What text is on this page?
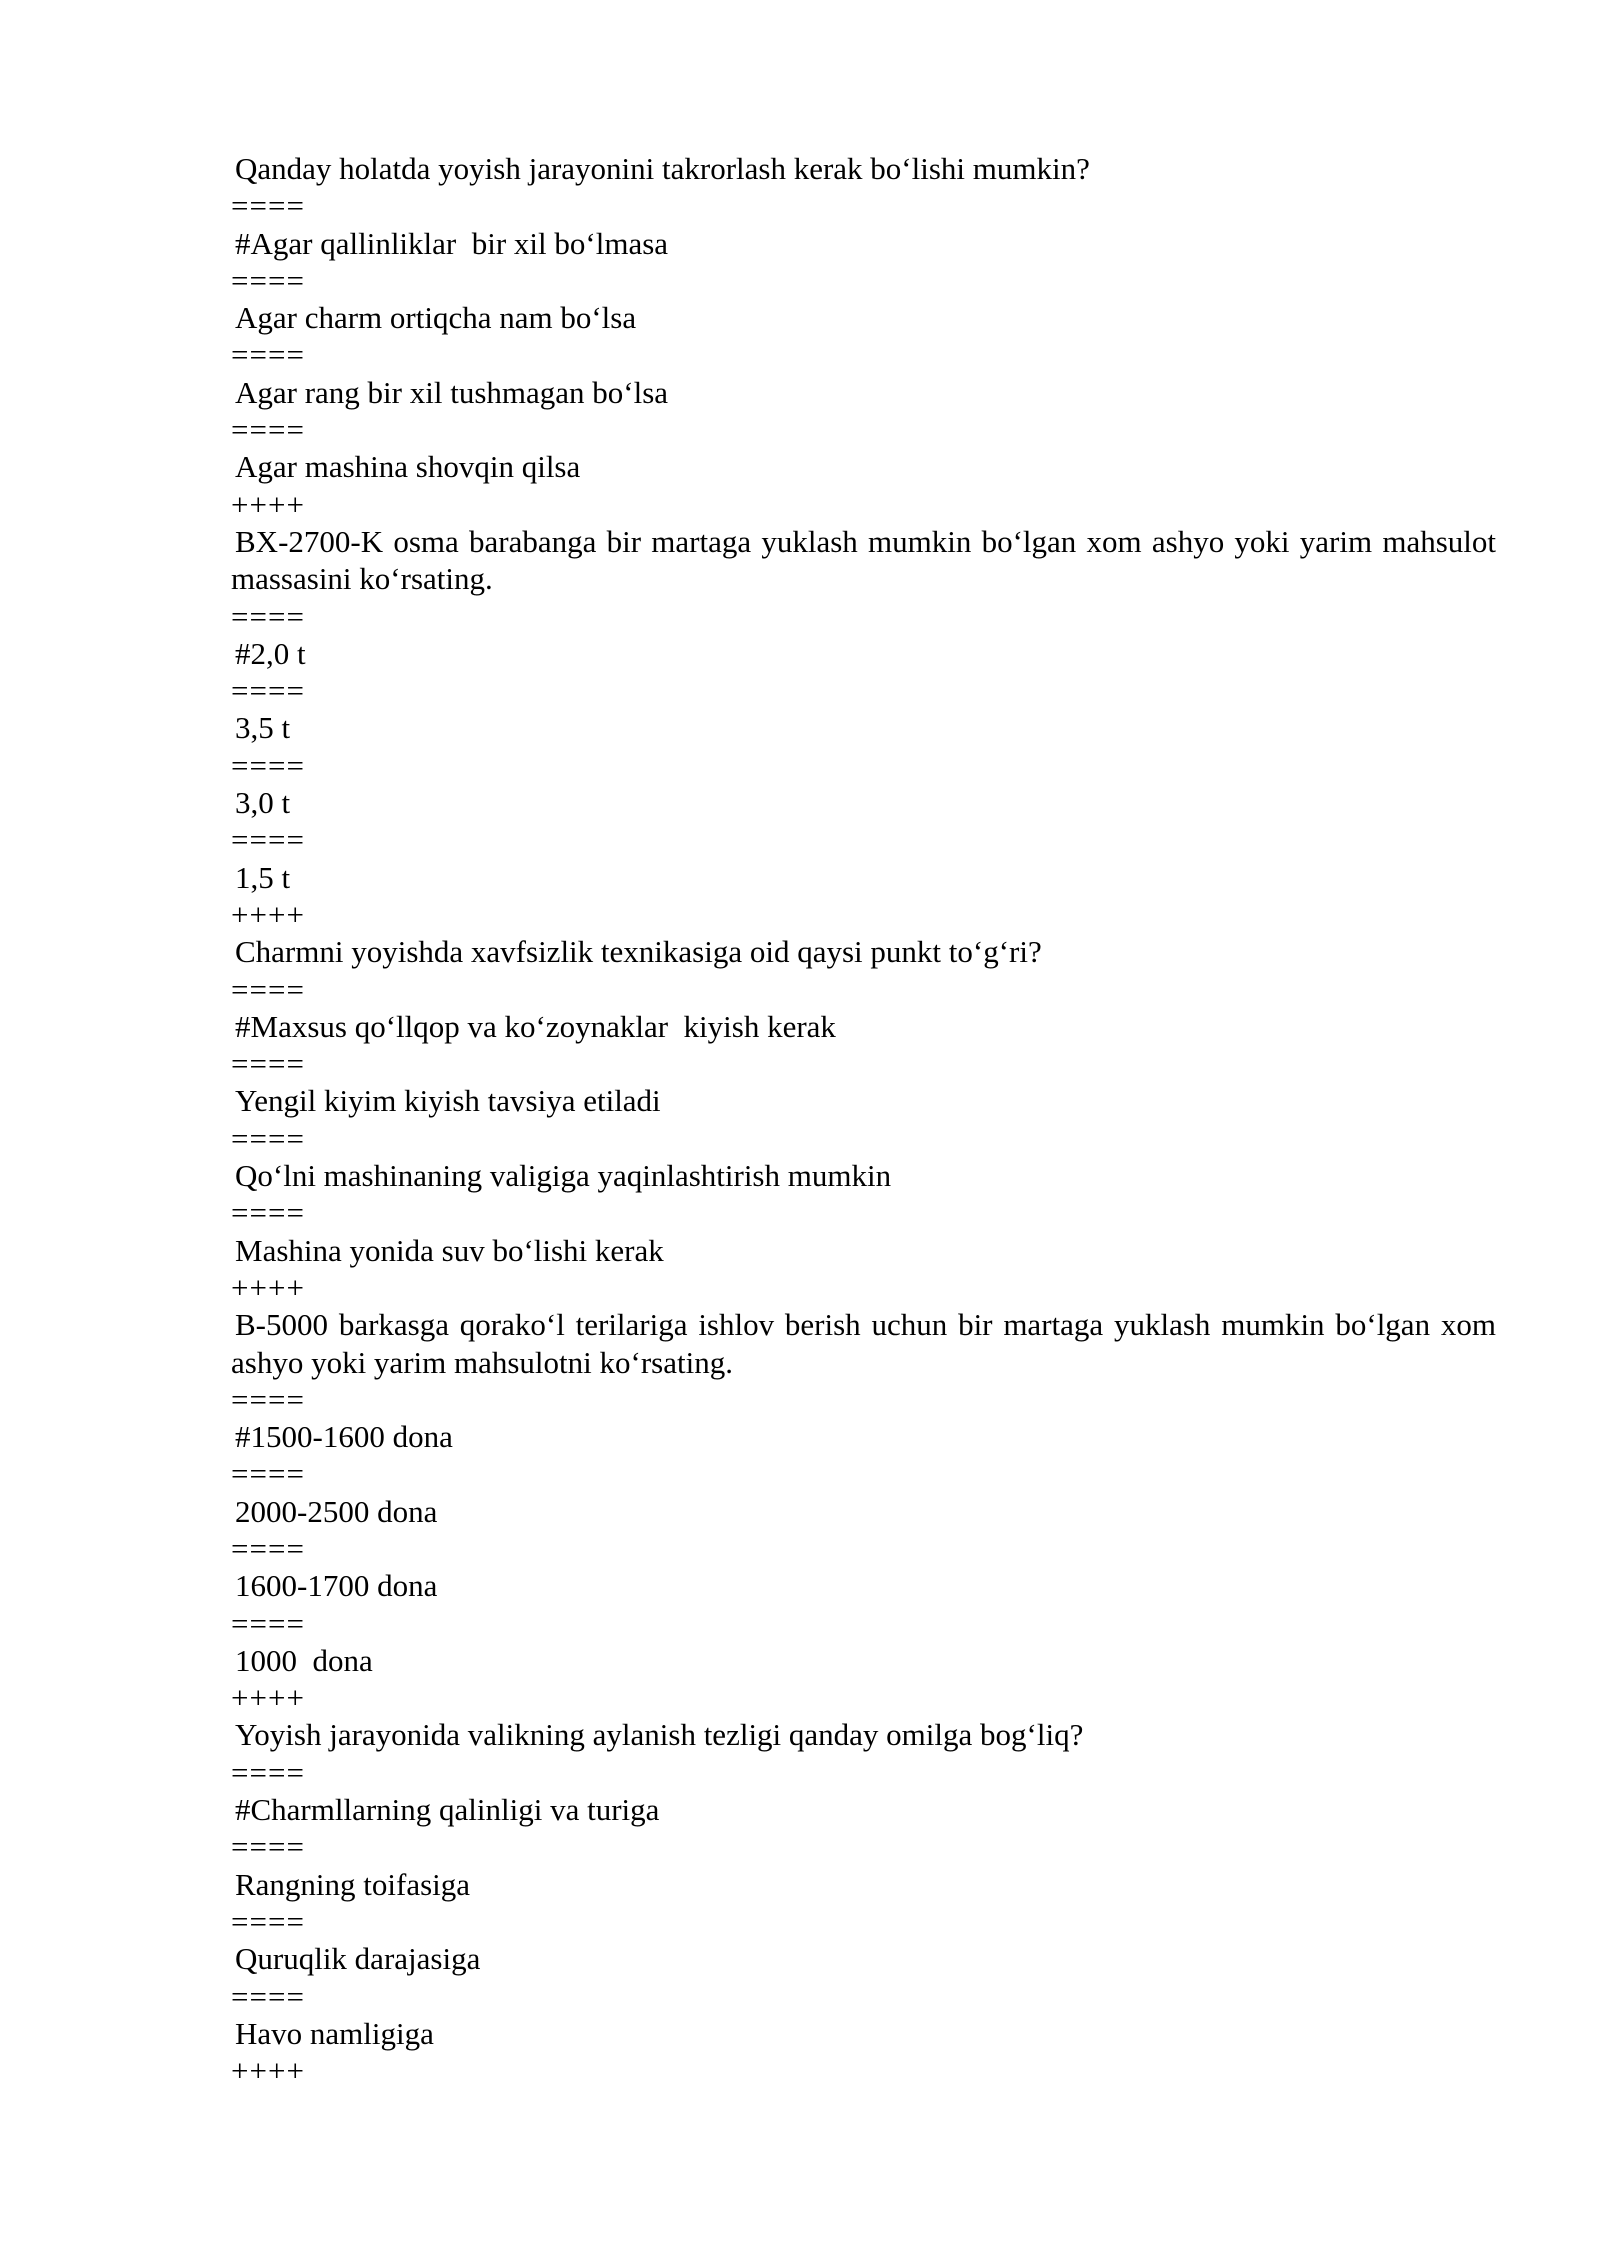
Qanday holatda yoyish jarayonini takrorlash kerak bo‘lishi mumkin?
====
#Agar qallinliklar  bir xil bo‘lmasa
====
Agar charm ortiqcha nam bo‘lsa
====
Agar rang bir xil tushmagan bo‘lsa
====
Agar mashina shovqin qilsa
++++
BX-2700-K osma barabanga bir martaga yuklash mumkin bo‘lgan xom ashyo yoki yarim mahsulot massasini ko‘rsating.
====
#2,0 t
====
3,5 t
====
3,0 t
====
1,5 t
++++
Charmni yoyishda xavfsizlik texnikasiga oid qaysi punkt to‘g‘ri?
====
#Maxsus qo‘llqop va ko‘zoynaklar  kiyish kerak
====
Yengil kiyim kiyish tavsiya etiladi
====
Qo‘lni mashinaning valigiga yaqinlashtirish mumkin
====
Mashina yonida suv bo‘lishi kerak
++++
B-5000 barkasga qorako‘l terilariga ishlov berish uchun bir martaga yuklash mumkin bo‘lgan xom ashyo yoki yarim mahsulotni ko‘rsating.
====
#1500-1600 dona
====
2000-2500 dona
====
1600-1700 dona
====
1000  dona
++++
Yoyish jarayonida valikning aylanish tezligi qanday omilga bog‘liq?
====
#Charmllarning qalinligi va turiga
====
Rangning toifasiga
====
Quruqlik darajasiga
====
Havo namligiga
++++
